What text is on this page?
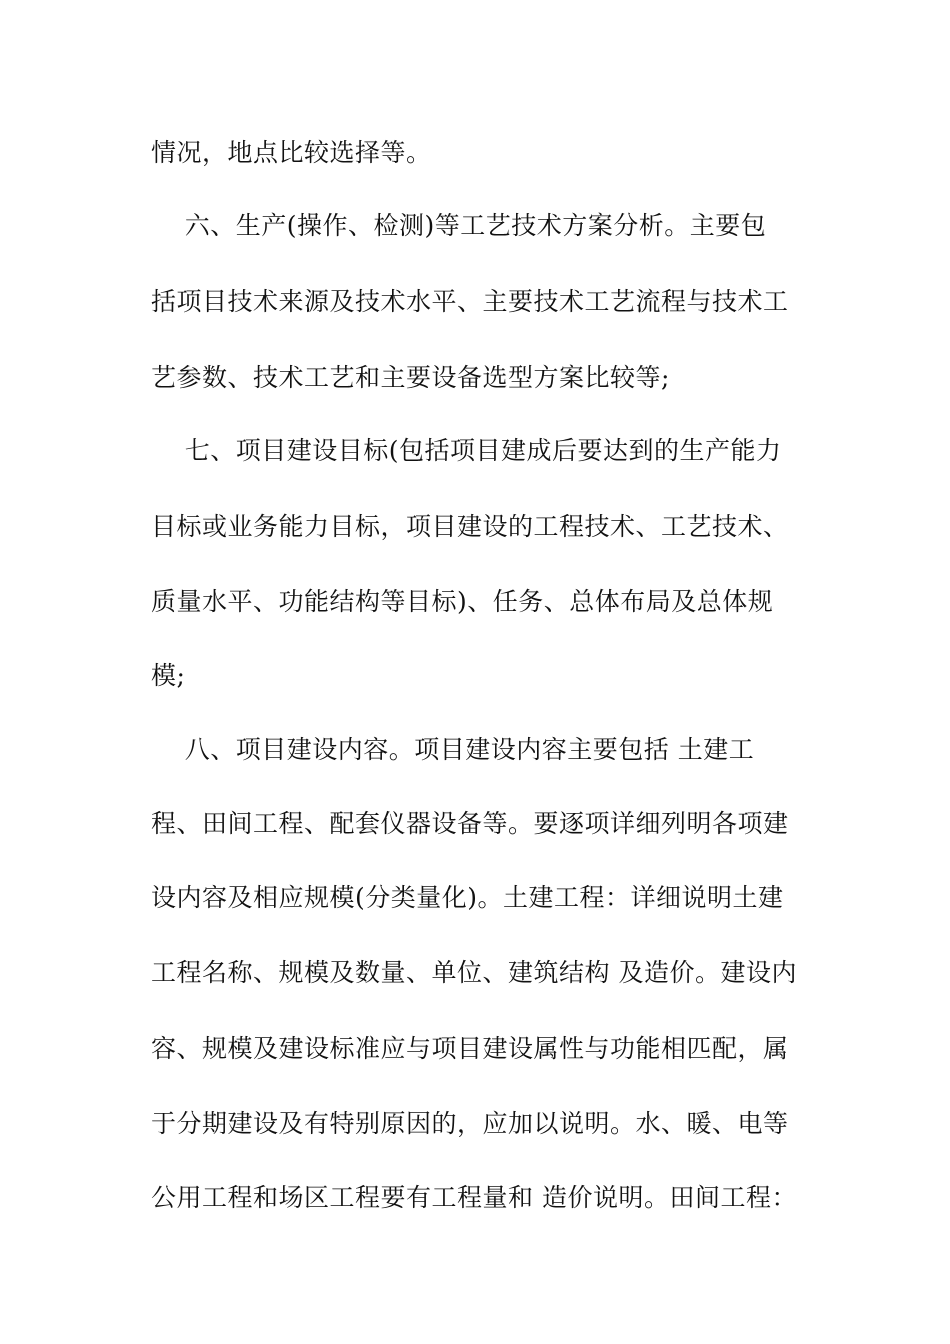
情况，地点比较选择等。
六、生产(操作、检测)等工艺技术方案分析。主要包
括项目技术来源及技术水平、主要技术工艺流程与技术工
艺参数、技术工艺和主要设备选型方案比较等;
七、项目建设目标(包括项目建成后要达到的生产能力
目标或业务能力目标，项目建设的工程技术、工艺技术、
质量水平、功能结构等目标)、任务、总体布局及总体规
模;
八、项目建设内容。项目建设内容主要包括 土建工
程、田间工程、配套仪器设备等。要逐项详细列明各项建
设内容及相应规模(分类量化)。土建工程：详细说明土建
工程名称、规模及数量、单位、建筑结构 及造价。建设内
容、规模及建设标准应与项目建设属性与功能相匹配，属
于分期建设及有特别原因的，应加以说明。水、暖、电等
公用工程和场区工程要有工程量和 造价说明。田间工程：
